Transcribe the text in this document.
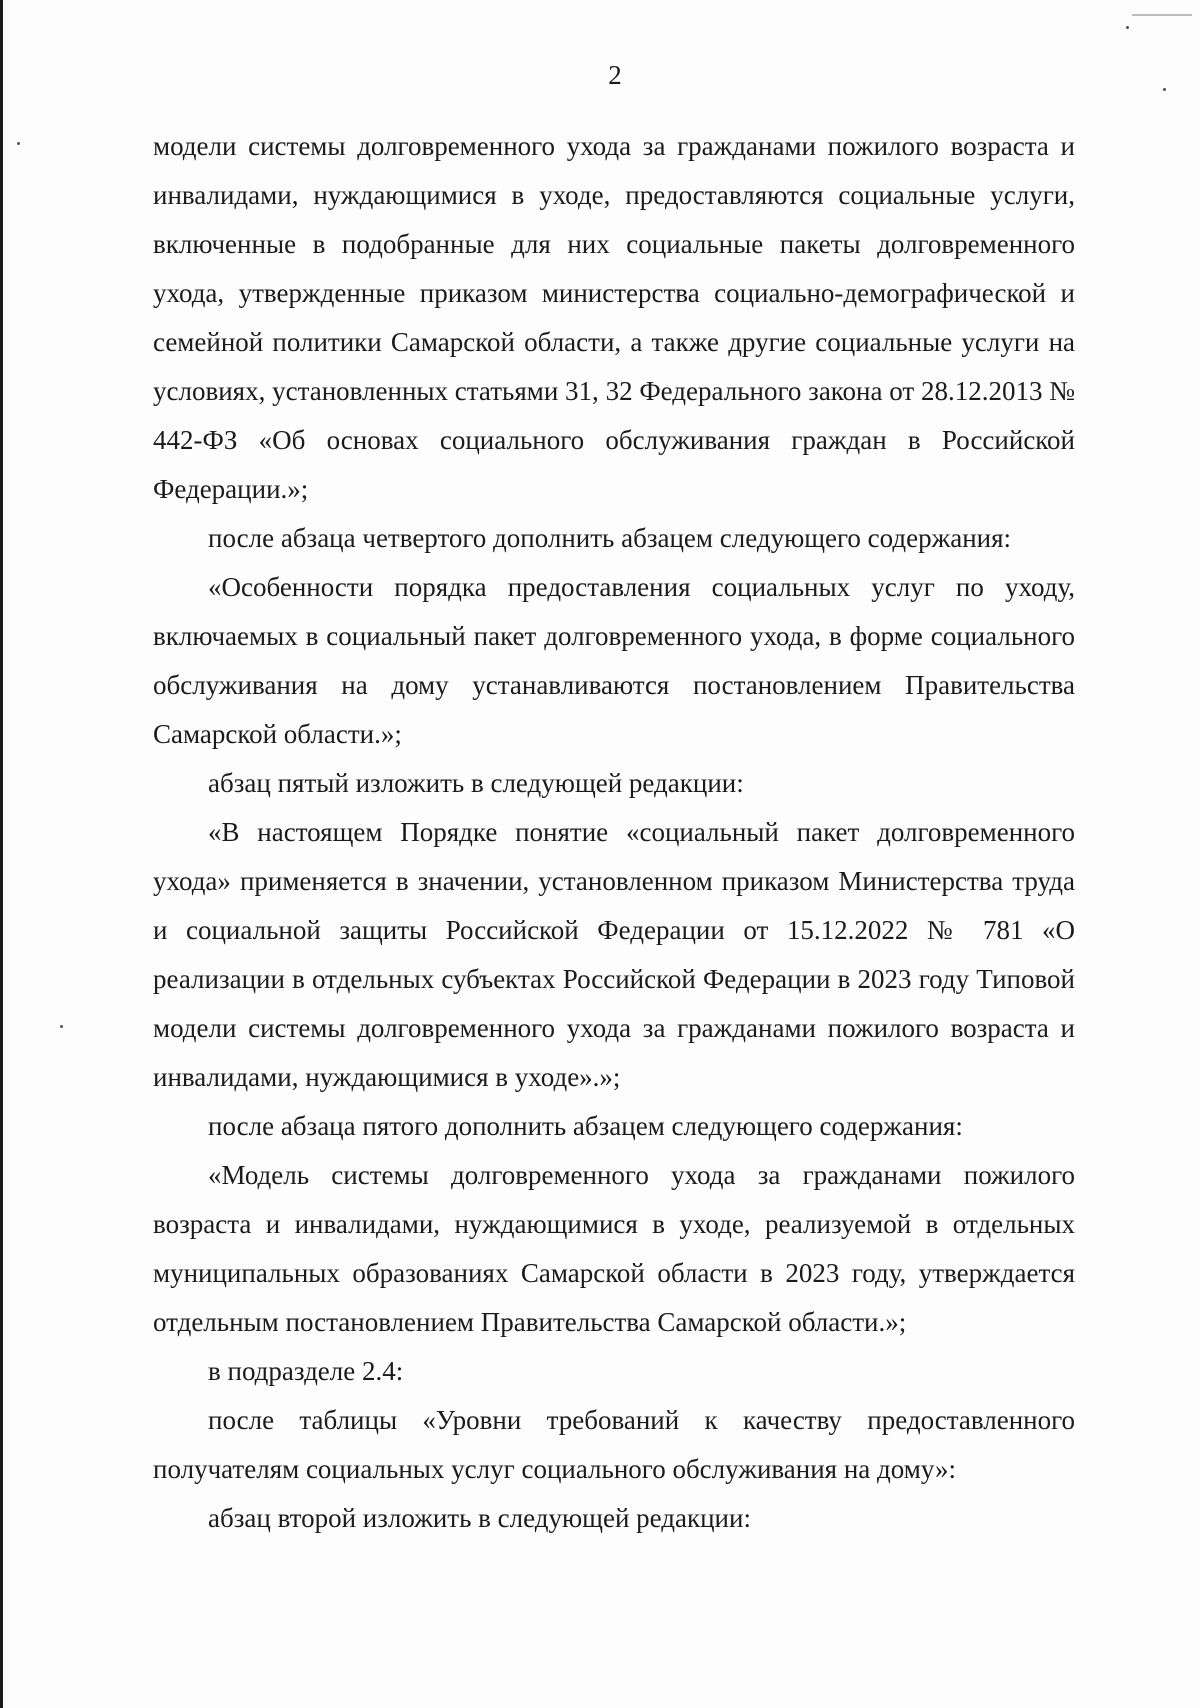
2

модели системы долговременного ухода за гражданами пожилого возраста и инвалидами, нуждающимися в уходе, предоставляются социальные услуги, включенные в подобранные для них социальные пакеты долговременного ухода, утвержденные приказом министерства социально-демографической и семейной политики Самарской области, а также другие социальные услуги на условиях, установленных статьями 31, 32 Федерального закона от 28.12.2013 № 442-ФЗ «Об основах социального обслуживания граждан в Российской Федерации.»;

после абзаца четвертого дополнить абзацем следующего содержания:

«Особенности порядка предоставления социальных услуг по уходу, включаемых в социальный пакет долговременного ухода, в форме социального обслуживания на дому устанавливаются постановлением Правительства Самарской области.»;

абзац пятый изложить в следующей редакции:

«В настоящем Порядке понятие «социальный пакет долговременного ухода» применяется в значении, установленном приказом Министерства труда и социальной защиты Российской Федерации от 15.12.2022 № 781 «О реализации в отдельных субъектах Российской Федерации в 2023 году Типовой модели системы долговременного ухода за гражданами пожилого возраста и инвалидами, нуждающимися в уходе».»;

после абзаца пятого дополнить абзацем следующего содержания:

«Модель системы долговременного ухода за гражданами пожилого возраста и инвалидами, нуждающимися в уходе, реализуемой в отдельных муниципальных образованиях Самарской области в 2023 году, утверждается отдельным постановлением Правительства Самарской области.»;

в подразделе 2.4:

после таблицы «Уровни требований к качеству предоставленного получателям социальных услуг социального обслуживания на дому»:

абзац второй изложить в следующей редакции:
